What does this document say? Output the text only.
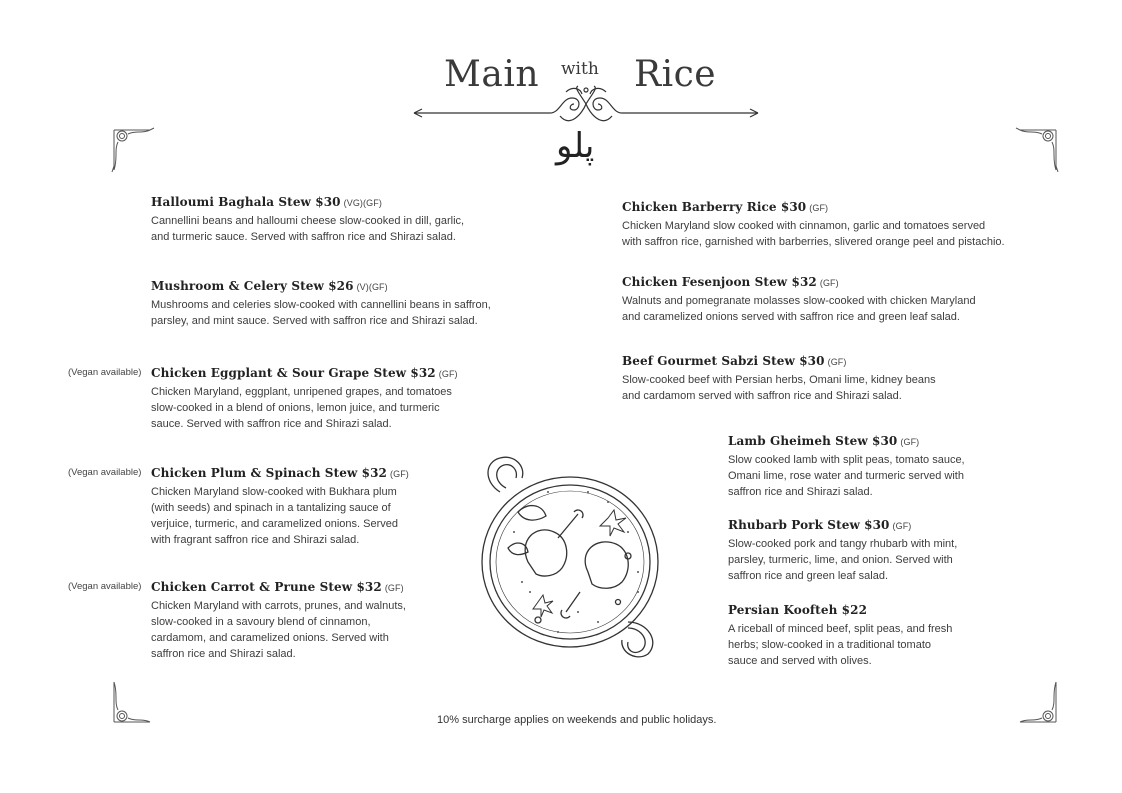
Main with Rice
پلو
Halloumi Baghala Stew $30 (VG)(GF)
Cannellini beans and halloumi cheese slow-cooked in dill, garlic,
and turmeric sauce. Served with saffron rice and Shirazi salad.
Mushroom & Celery Stew $26 (V)(GF)
Mushrooms and celeries slow-cooked with cannellini beans in saffron,
parsley, and mint sauce. Served with saffron rice and Shirazi salad.
(Vegan available) Chicken Eggplant & Sour Grape Stew $32 (GF)
Chicken Maryland, eggplant, unripened grapes, and tomatoes
slow-cooked in a blend of onions, lemon juice, and turmeric
sauce. Served with saffron rice and Shirazi salad.
(Vegan available) Chicken Plum & Spinach Stew $32 (GF)
Chicken Maryland slow-cooked with Bukhara plum
(with seeds) and spinach in a tantalizing sauce of
verjuice, turmeric, and caramelized onions. Served
with fragrant saffron rice and Shirazi salad.
(Vegan available) Chicken Carrot & Prune Stew $32 (GF)
Chicken Maryland with carrots, prunes, and walnuts,
slow-cooked in a savoury blend of cinnamon,
cardamom, and caramelized onions. Served with
saffron rice and Shirazi salad.
Chicken Barberry Rice $30 (GF)
Chicken Maryland slow cooked with cinnamon, garlic and tomatoes served
with saffron rice, garnished with barberries, slivered orange peel and pistachio.
Chicken Fesenjoon Stew $32 (GF)
Walnuts and pomegranate molasses slow-cooked with chicken Maryland
and caramelized onions served with saffron rice and green leaf salad.
Beef Gourmet Sabzi Stew $30 (GF)
Slow-cooked beef with Persian herbs, Omani lime, kidney beans
and cardamom served with saffron rice and Shirazi salad.
Lamb Gheimeh Stew $30 (GF)
Slow cooked lamb with split peas, tomato sauce,
Omani lime, rose water and turmeric served with
saffron rice and Shirazi salad.
Rhubarb Pork Stew $30 (GF)
Slow-cooked pork and tangy rhubarb with mint,
parsley, turmeric, lime, and onion. Served with
saffron rice and green leaf salad.
Persian Koofteh $22
A riceball of minced beef, split peas, and fresh
herbs; slow-cooked in a traditional tomato
sauce and served with olives.
10% surcharge applies on weekends and public holidays.
